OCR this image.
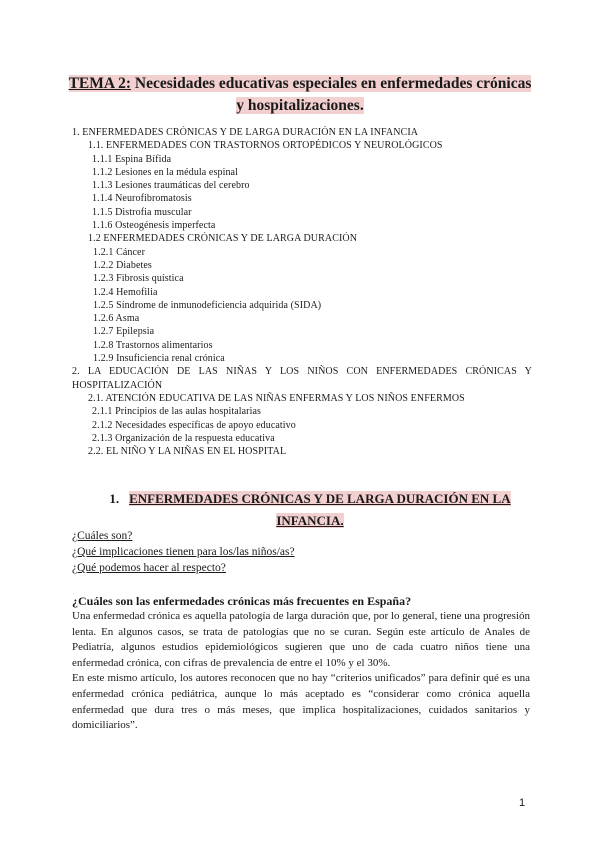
TEMA 2: Necesidades educativas especiales en enfermedades crónicas
y hospitalizaciones.
1. ENFERMEDADES CRÓNICAS Y DE LARGA DURACIÓN EN LA INFANCIA
1.1. ENFERMEDADES CON TRASTORNOS ORTOPÉDICOS Y NEUROLÓGICOS
1.1.1 Espina Bífida
1.1.2 Lesiones en la médula espinal
1.1.3 Lesiones traumáticas del cerebro
1.1.4 Neurofibromatosis
1.1.5 Distrofia muscular
1.1.6 Osteogénesis imperfecta
1.2 ENFERMEDADES CRÓNICAS Y DE LARGA DURACIÓN
1.2.1 Cáncer
1.2.2 Diabetes
1.2.3 Fibrosis quística
1.2.4 Hemofilia
1.2.5 Síndrome de inmunodeficiencia adquirida (SIDA)
1.2.6 Asma
1.2.7 Epilepsia
1.2.8 Trastornos alimentarios
1.2.9 Insuficiencia renal crónica
2. LA EDUCACIÓN DE LAS NIÑAS Y LOS NIÑOS CON ENFERMEDADES CRÓNICAS Y HOSPITALIZACIÓN
2.1. ATENCIÓN EDUCATIVA DE LAS NIÑAS ENFERMAS Y LOS NIÑOS ENFERMOS
2.1.1 Principios de las aulas hospitalarias
2.1.2 Necesidades específicas de apoyo educativo
2.1.3 Organización de la respuesta educativa
2.2. EL NIÑO Y LA NIÑAS EN EL HOSPITAL
1. ENFERMEDADES CRÓNICAS Y DE LARGA DURACIÓN EN LA
INFANCIA.
¿Cuáles son?
¿Qué implicaciones tienen para los/las niños/as?
¿Qué podemos hacer al respecto?
¿Cuáles son las enfermedades crónicas más frecuentes en España?

Una enfermedad crónica es aquella patología de larga duración que, por lo general, tiene una progresión lenta. En algunos casos, se trata de patologías que no se curan. Según este artículo de Anales de Pediatría, algunos estudios epidemiológicos sugieren que uno de cada cuatro niños tiene una enfermedad crónica, con cifras de prevalencia de entre el 10% y el 30%.

En este mismo artículo, los autores reconocen que no hay “criterios unificados” para definir qué es una enfermedad crónica pediátrica, aunque lo más aceptado es “considerar como crónica aquella enfermedad que dura tres o más meses, que implica hospitalizaciones, cuidados sanitarios y domiciliarios”.

1
